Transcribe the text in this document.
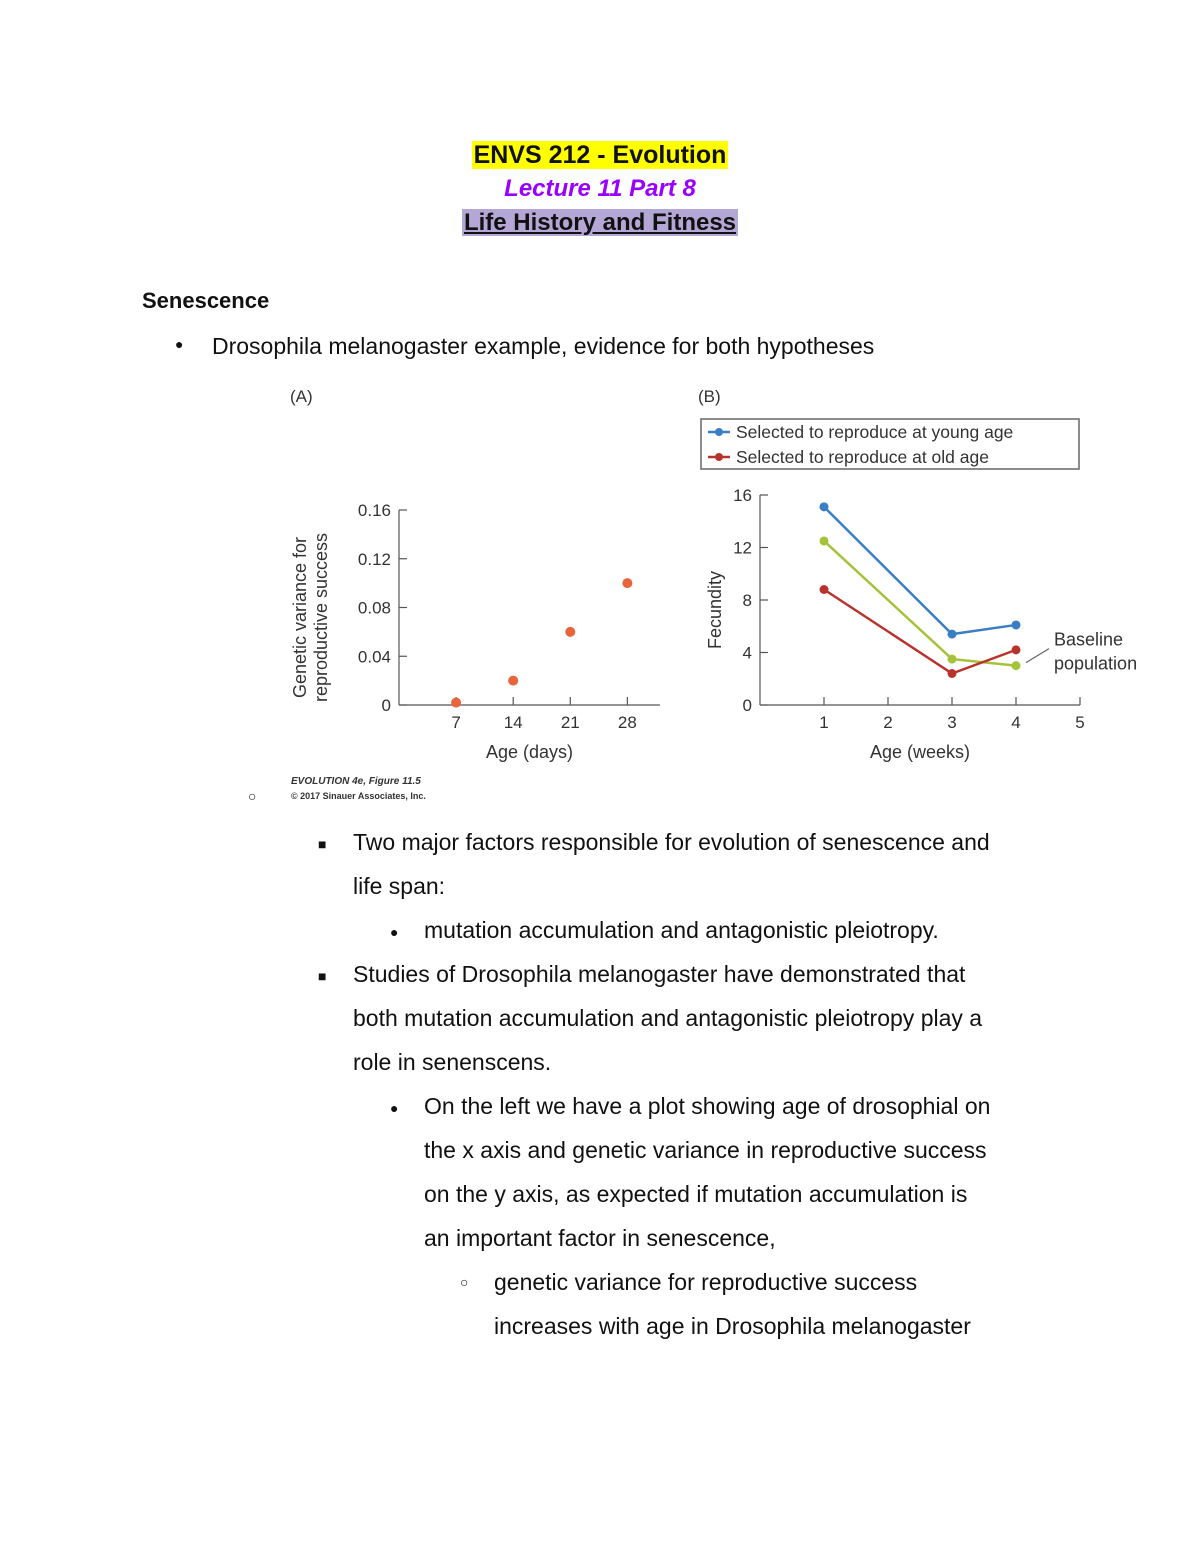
ENVS 212 - Evolution
Lecture 11 Part 8
Life History and Fitness
Senescence
● Drosophila melanogaster example, evidence for both hypotheses
(A)
0
0.04
0.08
0.12
0.16
7	14 21 28
Age (days)
Genetic variance forreproductive success
(B)
Selected to reproduce at young age
Selected to reproduce at old age
0
4
8
12
16
1	2	3	4	5
Age (weeks)
Fecundity	Baseline
population
EVOLUTION 4e, Figure 11.5
© 2017 Sinauer Associates, Inc.
○
■ Two major factors responsible for evolution of senescence and
life span:
● mutation accumulation and antagonistic pleiotropy.
■ Studies of Drosophila melanogaster have demonstrated that
both mutation accumulation and antagonistic pleiotropy play a
role in senenscens.
● On the left we have a plot showing age of drosophial on
the x axis and genetic variance in reproductive success
on the y axis, as expected if mutation accumulation is
an important factor in senescence,
○ genetic variance for reproductive success
increases with age in Drosophila melanogaster
